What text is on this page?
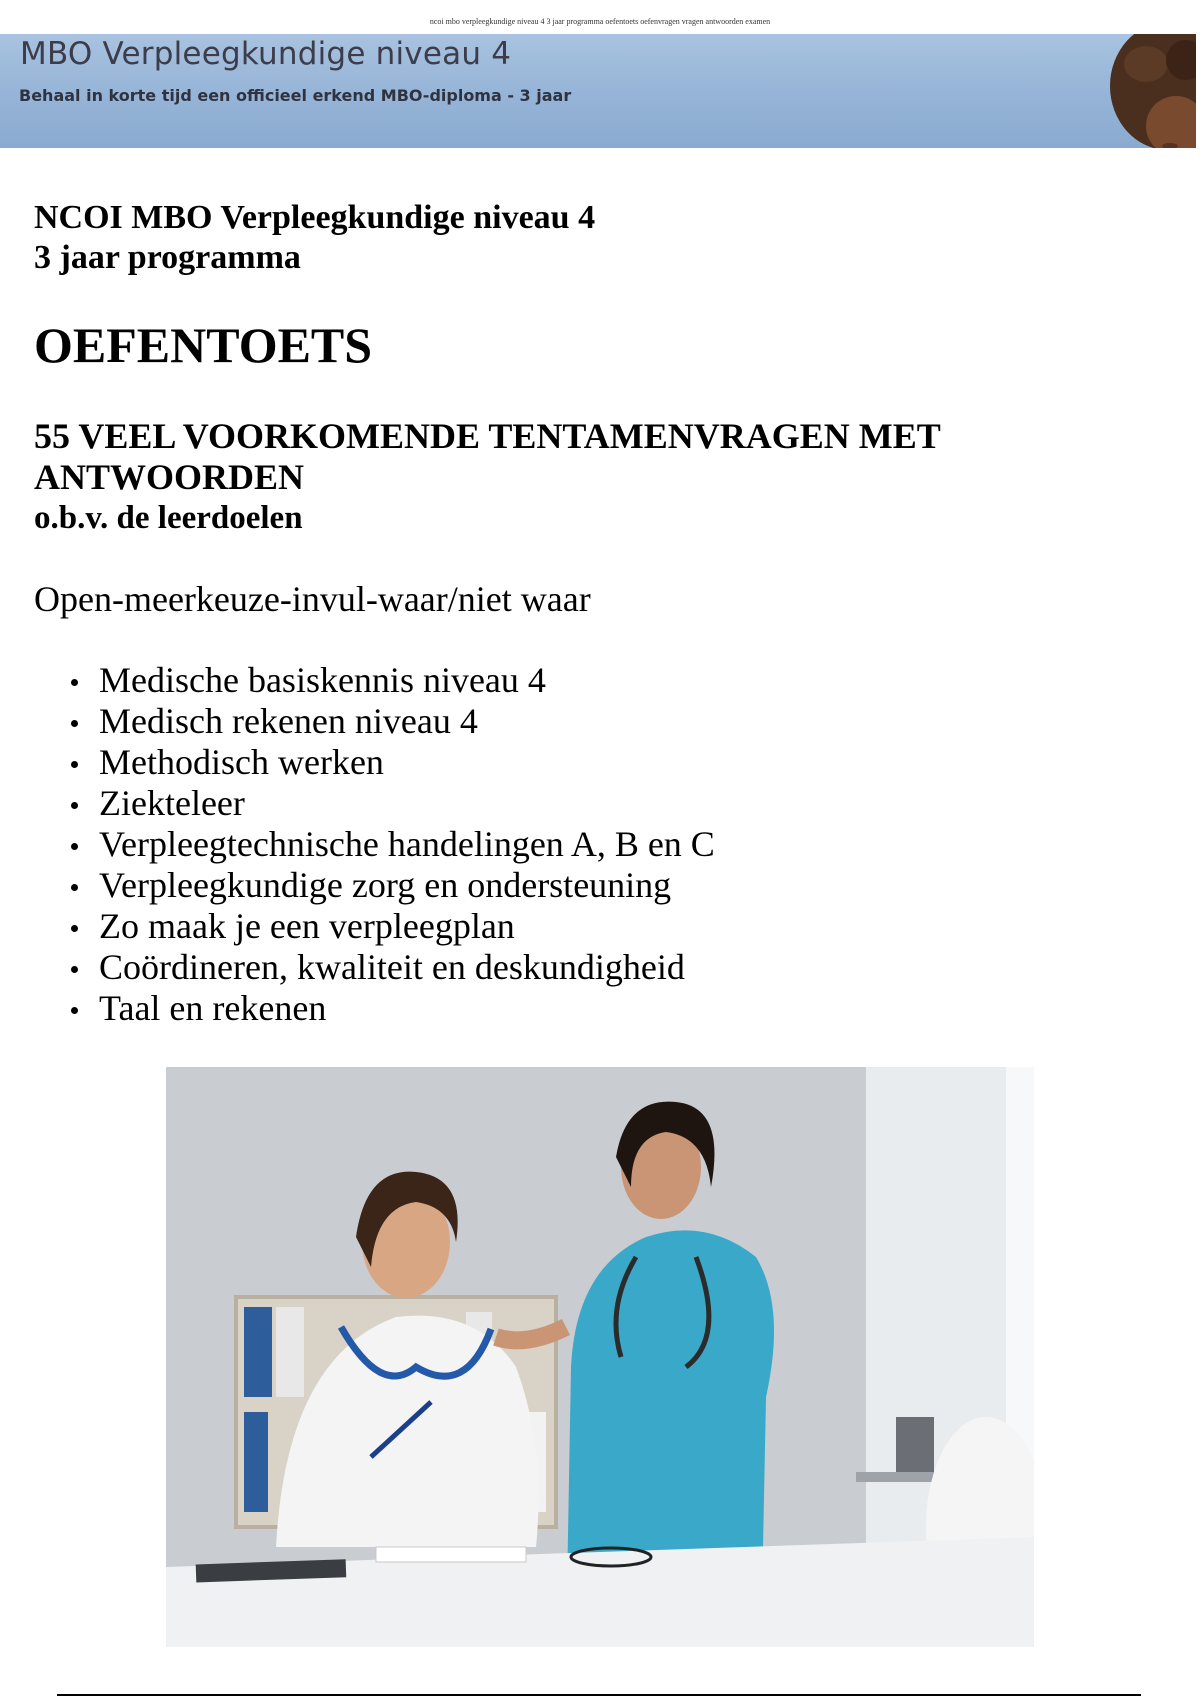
ncoi mbo verpleegkundige niveau 4 3 jaar programma oefentoets oefenvragen vragen antwoorden examen
MBO Verpleegkundige niveau 4
Behaal in korte tijd een officieel erkend MBO-diploma - 3 jaar
NCOI MBO Verpleegkundige niveau 4
3 jaar programma
OEFENTOETS
55 VEEL VOORKOMENDE TENTAMENVRAGEN MET
ANTWOORDEN
o.b.v. de leerdoelen
Open-meerkeuze-invul-waar/niet waar
Medische basiskennis niveau 4
Medisch rekenen niveau 4
Methodisch werken
Ziekteleer
Verpleegtechnische handelingen A, B en C
Verpleegkundige zorg en ondersteuning
Zo maak je een verpleegplan
Coördineren, kwaliteit en deskundigheid
Taal en rekenen
